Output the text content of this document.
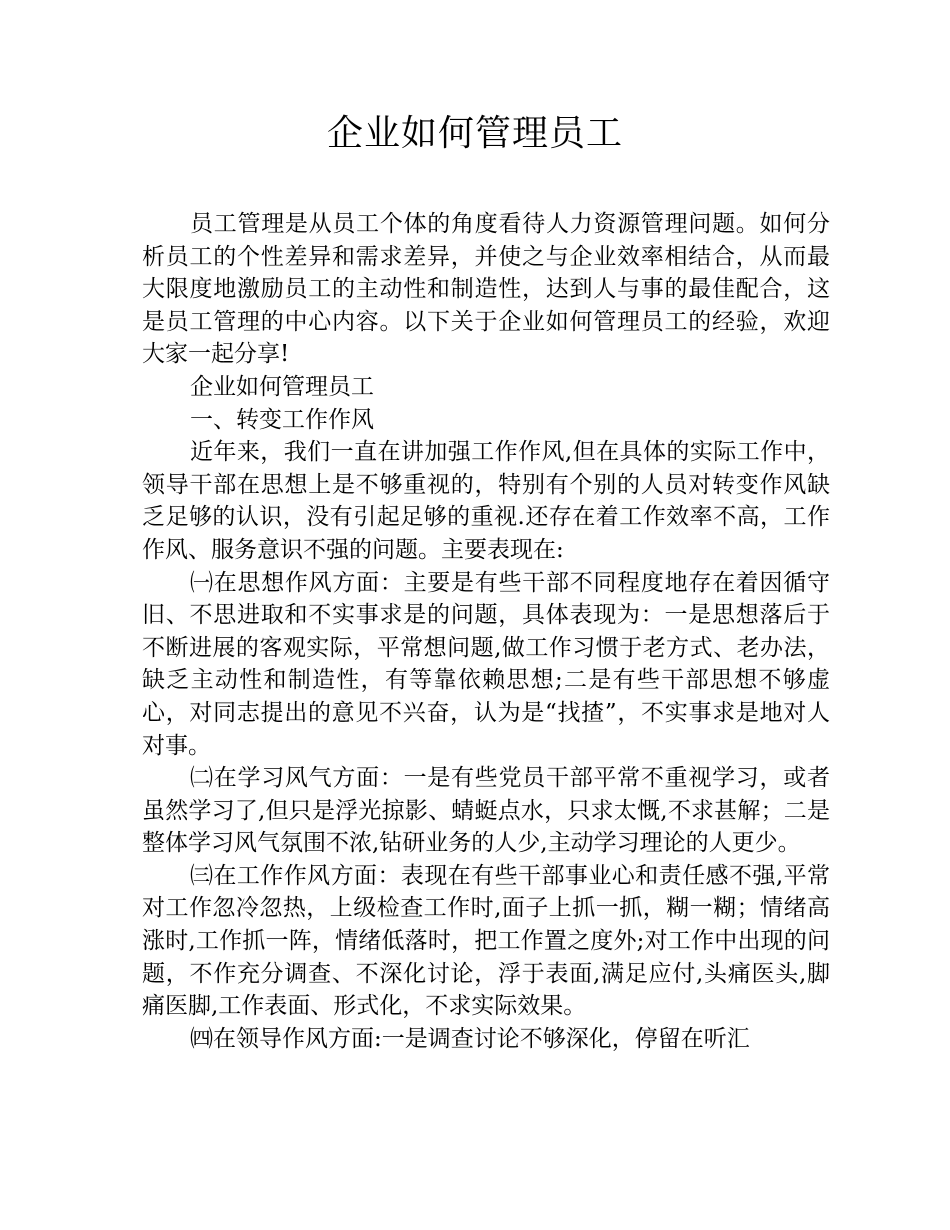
企业如何管理员工

员工管理是从员工个体的角度看待人力资源管理问题。如何分析员工的个性差异和需求差异，并使之与企业效率相结合，从而最大限度地激励员工的主动性和制造性，达到人与事的最佳配合，这是员工管理的中心内容。以下关于企业如何管理员工的经验，欢迎大家一起分享!

企业如何管理员工

一、转变工作作风

近年来，我们一直在讲加强工作作风,但在具体的实际工作中，领导干部在思想上是不够重视的，特别有个别的人员对转变作风缺乏足够的认识，没有引起足够的重视.还存在着工作效率不高，工作作风、服务意识不强的问题。主要表现在:

㈠在思想作风方面：主要是有些干部不同程度地存在着因循守旧、不思进取和不实事求是的问题，具体表现为：一是思想落后于不断进展的客观实际，平常想问题,做工作习惯于老方式、老办法，缺乏主动性和制造性，有等靠依赖思想;二是有些干部思想不够虚心，对同志提出的意见不兴奋，认为是“找揸”，不实事求是地对人对事。

㈡在学习风气方面：一是有些党员干部平常不重视学习，或者虽然学习了,但只是浮光掠影、蜻蜓点水，只求太慨,不求甚解；二是整体学习风气氛围不浓,钻研业务的人少,主动学习理论的人更少。

㈢在工作作风方面：表现在有些干部事业心和责任感不强,平常对工作忽冷忽热，上级检查工作时,面子上抓一抓，糊一糊；情绪高涨时,工作抓一阵，情绪低落时，把工作置之度外;对工作中出现的问题，不作充分调查、不深化讨论，浮于表面,满足应付,头痛医头,脚痛医脚,工作表面、形式化，不求实际效果。

㈣在领导作风方面:一是调查讨论不够深化，停留在听汇
